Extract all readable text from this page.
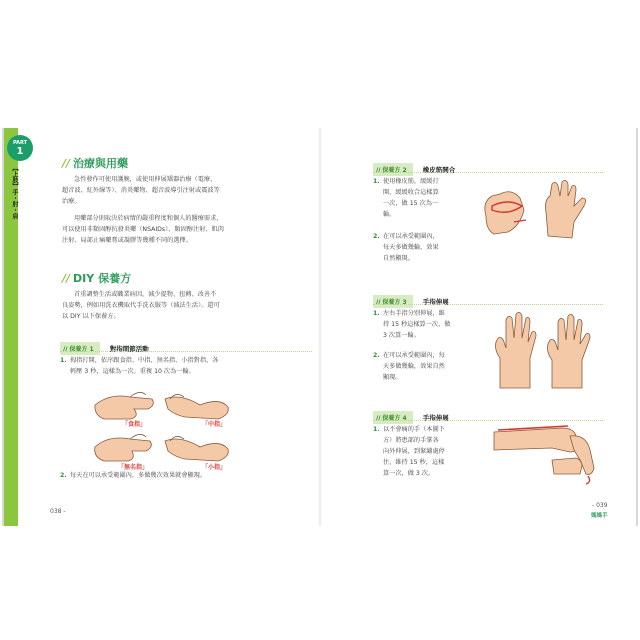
PART
1
【上肢】手・肘・肩
// 治療與用藥
急性發作可使用護腕，或使用伸展矯器治療（電療、
超音波、紅外線等）、消炎藥物、超音波導引注射或震波等
治療。
用藥部分則取決於病情的嚴重程度和個人的醫療需求，
可以使用非類固醇抗發炎藥（NSAIDs）、類固醇注射、肌肉
注射、局部止痛藥膏或凝膠等幾種不同的選擇。
// DIY 保養方
首重調整生活或職業病因，減少提物、扭轉、改善不
良姿勢，例如用洗衣機取代手洗衣服等（減法生活）。還可
以 DIY 以下保養方。
// 保養方 1 對指間節活動
1. 拇指打開，依序跟食指、中指、無名指、小指對指，各
輕壓 3 秒，這樣為一次。重複 10 次為一輪。
「食指」	「中指」
「無名指」	「小指」
2. 每天在可以承受範圍內，多做幾次效果就會顯現。
038 -
// 保養方 2 橡皮筋開合
1. 使用橡皮筋，緩緩打
開，緩緩收合這樣算
一次，做 15 次為一
輪。
2. 在可以承受範圍內，
每天多做幾輪，效果
自然顯現。
// 保養方 3 手指伸展
1. 左右手指分別伸展，維
持 15 秒這樣算一次，做
3 次算一輪。
2. 在可以承受範圍內，每
天多做幾輪，效果自然
顯現。
// 保養方 4 手指伸展
1. 以不會痛的手（本圖下
方）將患部的手掌各
向外伸展，到緊繃處停
住，維持 15 秒，這樣
算一次，做 3 次。
- 039
媽媽手
